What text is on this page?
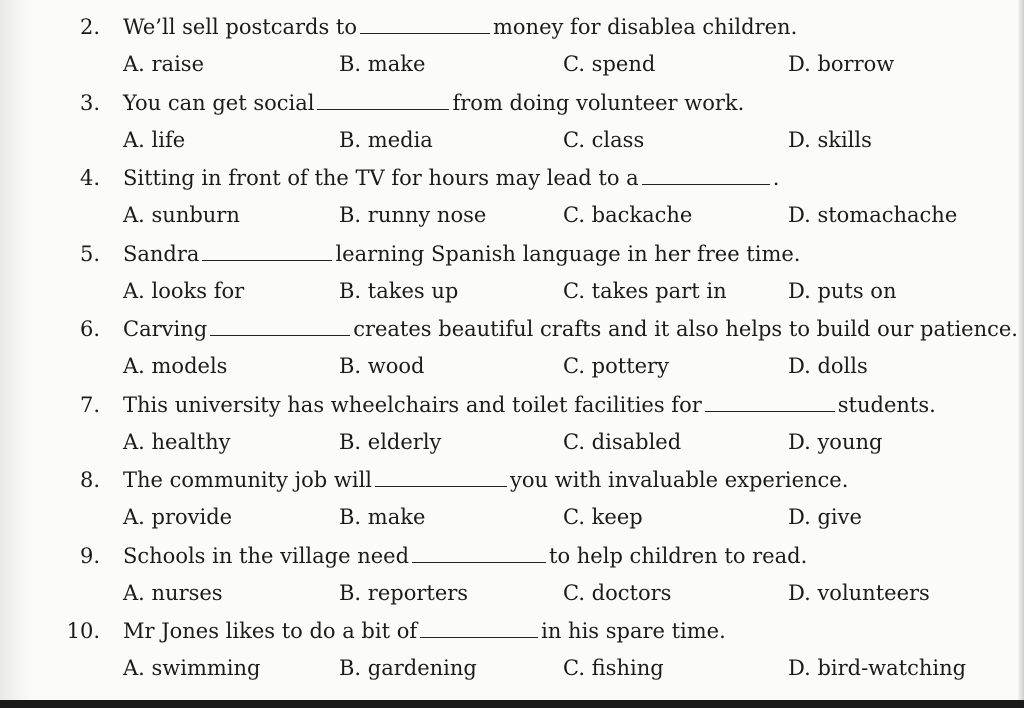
2. We’ll sell postcards to	money for disablea children.
A. raise	B. make	C. spend	D. borrow
3. You can get social	from doing volunteer work.
A. life	B. media	C. class	D. skills
4. Sitting in front of the TV for hours may lead to a	.
A. sunburn	B. runny nose	C. backache	D. stomachache
5. Sandra	learning Spanish language in her free time.
A. looks for	B. takes up	C. takes part in	D. puts on
6. Carving	creates beautiful crafts and it also helps to build our patience.
A. models	B. wood	C. pottery	D. dolls
7. This university has wheelchairs and toilet facilities for	students.
A. healthy	B. elderly	C. disabled	D. young
8. The community job will	you with invaluable experience.
A. provide	B. make	C. keep	D. give
9. Schools in the village need	to help children to read.
A. nurses	B. reporters	C. doctors	D. volunteers
10. Mr Jones likes to do a bit of	in his spare time.
A. swimming	B. gardening	C. fishing	D. bird-watching
